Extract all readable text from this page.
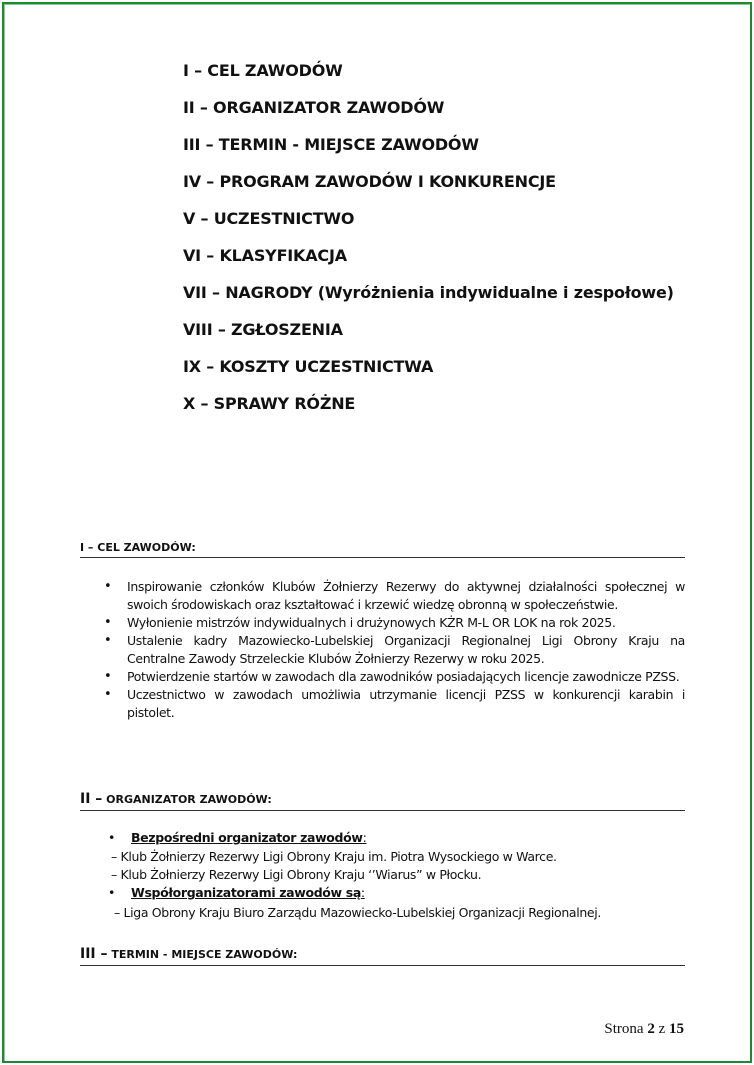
I – CEL ZAWODÓW
II – ORGANIZATOR ZAWODÓW
III – TERMIN - MIEJSCE ZAWODÓW
IV – PROGRAM ZAWODÓW I KONKURENCJE
V – UCZESTNICTWO
VI – KLASYFIKACJA
VII – NAGRODY (Wyróżnienia indywidualne i zespołowe)
VIII – ZGŁOSZENIA
IX – KOSZTY UCZESTNICTWA
X – SPRAWY RÓŻNE
I – CEL ZAWODÓW:
• Inspirowanie członków Klubów Żołnierzy Rezerwy do aktywnej działalności społecznej w swoich środowiskach oraz kształtować i krzewić wiedzę obronną w społeczeństwie.
• Wyłonienie mistrzów indywidualnych i drużynowych KŻR M-L OR LOK na rok 2025.
• Ustalenie kadry Mazowiecko-Lubelskiej Organizacji Regionalnej Ligi Obrony Kraju na Centralne Zawody Strzeleckie Klubów Żołnierzy Rezerwy w roku 2025.
• Potwierdzenie startów w zawodach dla zawodników posiadających licencje zawodnicze PZSS.
• Uczestnictwo w zawodach umożliwia utrzymanie licencji PZSS w konkurencji karabin i pistolet.
II – ORGANIZATOR ZAWODÓW:
• Bezpośredni organizator zawodów:
– Klub Żołnierzy Rezerwy Ligi Obrony Kraju im. Piotra Wysockiego w Warce.
– Klub Żołnierzy Rezerwy Ligi Obrony Kraju ‘’Wiarus” w Płocku.
• Współorganizatorami zawodów są:
– Liga Obrony Kraju Biuro Zarządu Mazowiecko-Lubelskiej Organizacji Regionalnej.
III – TERMIN - MIEJSCE ZAWODÓW:
Strona 2 z 15
